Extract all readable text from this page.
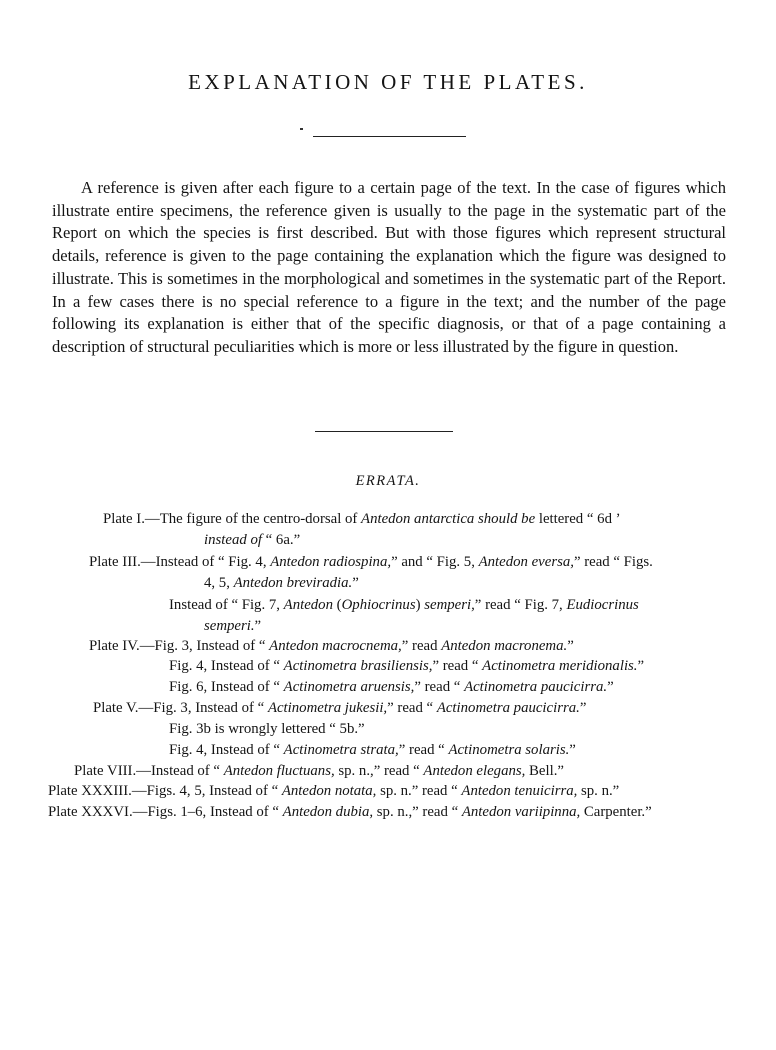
EXPLANATION OF THE PLATES.

A reference is given after each figure to a certain page of the text. In the case of figures which illustrate entire specimens, the reference given is usually to the page in the systematic part of the Report on which the species is first described. But with those figures which represent structural details, reference is given to the page containing the explanation which the figure was designed to illustrate. This is sometimes in the morphological and sometimes in the systematic part of the Report. In a few cases there is no special reference to a figure in the text; and the number of the page following its explanation is either that of the specific diagnosis, or that of a page containing a description of structural peculiarities which is more or less illustrated by the figure in question.

ERRATA.
Plate I.—The figure of the centro-dorsal of Antedon antarctica should be lettered “ 6d ’
instead of “ 6a.”
Plate III.—Instead of “ Fig. 4, Antedon radiospina,” and “ Fig. 5, Antedon eversa,” read “ Figs.
4, 5, Antedon breviradia.”
Instead of “ Fig. 7, Antedon (Ophiocrinus) semperi,” read “ Fig. 7, Eudiocrinus
semperi.”
Plate IV.—Fig. 3, Instead of “ Antedon macrocnema,” read Antedon macronema.”
Fig. 4, Instead of “ Actinometra brasiliensis,” read “ Actinometra meridionalis.”
Fig. 6, Instead of “ Actinometra aruensis,” read “ Actinometra paucicirra.”
Plate V.—Fig. 3, Instead of “ Actinometra jukesii,” read “ Actinometra paucicirra.”
Fig. 3b is wrongly lettered “ 5b.”
Fig. 4, Instead of “ Actinometra strata,” read “ Actinometra solaris.”
Plate VIII.—Instead of “ Antedon fluctuans, sp. n.,” read “ Antedon elegans, Bell.”
Plate XXXIII.—Figs. 4, 5, Instead of “ Antedon notata, sp. n.” read “ Antedon tenuicirra, sp. n.”
Plate XXXVI.—Figs. 1–6, Instead of “ Antedon dubia, sp. n.,” read “ Antedon variipinna, Carpenter.”
